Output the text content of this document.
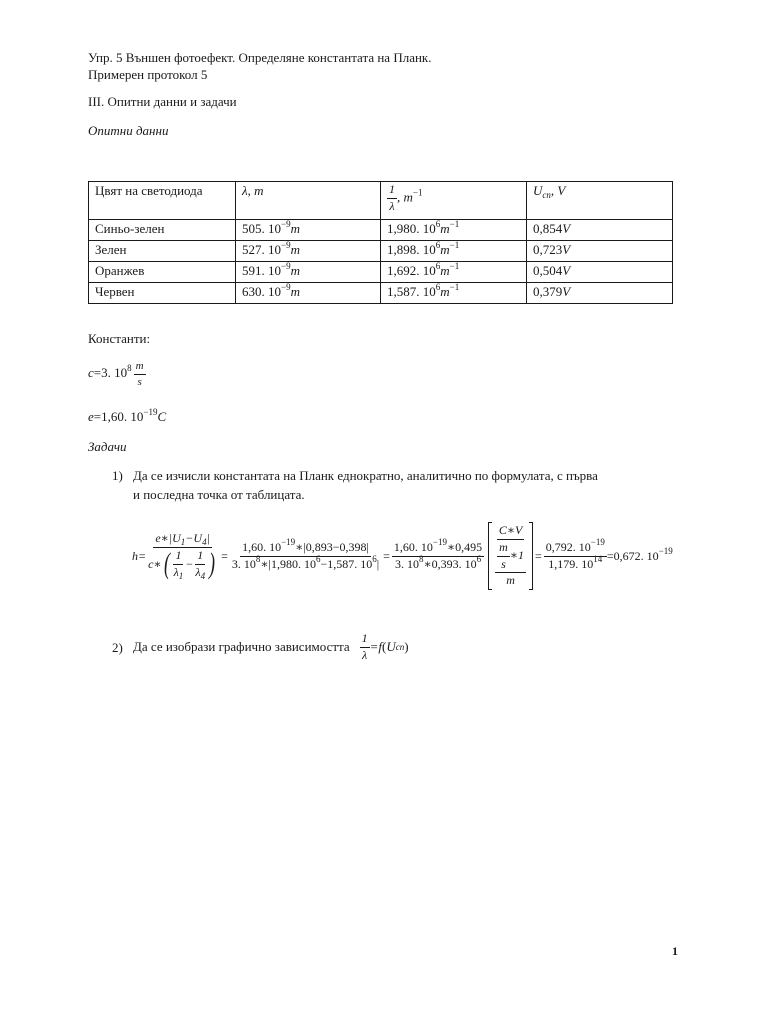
Упр. 5 Външен фотоефект. Определяне константата на Планк.
Примерен протокол 5
III. Опитни данни и задачи
Опитни данни
Цвят на светодиода	λ, m	$\frac{1}{\lambda}$ , $m^{-1}$	$U_{сп}$, V
Синьо-зелен	505. $10^{-9}m$	1,980. $10^6m^{-1}$	0,854V
Зелен	527. $10^{-9}m$	1,898. $10^6m^{-1}$	0,723V
Оранжев	591. $10^{-9}m$	1,692. $10^6m^{-1}$	0,504V
Червен	630. $10^{-9}m$	1,587. $10^6m^{-1}$	0,379V
Константи:
c=3. $10^8 \frac{m}{s}$
e=1,60. $10^{-19}C$
Задачи
1) Да се изчисли константата на Планк еднократно, аналитично по формулата, с първа
и последна точка от таблицата.
$h= \frac{e∗|U_1-U_4|}{c∗ ( \frac{1}{\lambda_1} - \frac{1}{\lambda_4} )} = \frac{1,60. 10^{-19}∗|0,893-0,398|}{3. 10^8∗|1,980. 10^6-1,587. 10^6|} = \frac{1,60. 10^{-19}∗0,495}{3. 10^8∗0,393. 10^6} \frac{C∗V}{\frac{\frac{m}{s} ∗1}{m}} = \frac{0,792. 10^{-19}}{1,179. 10^{14}} =0,672$. $10^{-19}$
2) Да се изобрази графично зависимостта $\frac{1}{\lambda} =f$ ( U сп )
1
